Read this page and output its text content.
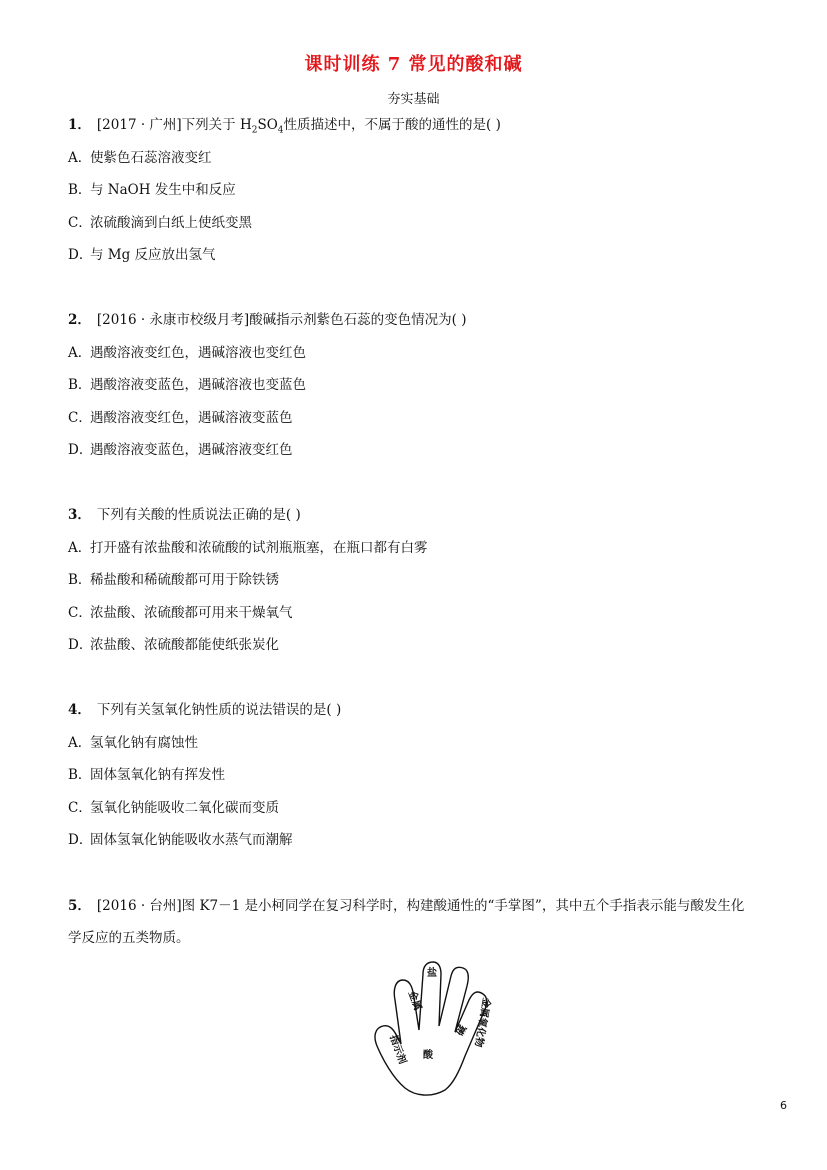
课时训练 7 常见的酸和碱
夯实基础
1． [2017 · 广州]下列关于 $H_2SO_4$性质描述中，不属于酸的通性的是( )
A．使紫色石蕊溶液变红
B．与 NaOH 发生中和反应
C．浓硫酸滴到白纸上使纸变黑
D．与 Mg 反应放出氢气
2． [2016 · 永康市校级月考]酸碱指示剂紫色石蕊的变色情况为( )
A．遇酸溶液变红色，遇碱溶液也变红色
B．遇酸溶液变蓝色，遇碱溶液也变蓝色
C．遇酸溶液变红色，遇碱溶液变蓝色
D．遇酸溶液变蓝色，遇碱溶液变红色
3． 下列有关酸的性质说法正确的是( )
A．打开盛有浓盐酸和浓硫酸的试剂瓶瓶塞，在瓶口都有白雾
B．稀盐酸和稀硫酸都可用于除铁锈
C．浓盐酸、浓硫酸都可用来干燥氧气
D．浓盐酸、浓硫酸都能使纸张炭化
4． 下列有关氢氧化钠性质的说法错误的是( )
A．氢氧化钠有腐蚀性
B．固体氢氧化钠有挥发性
C．氢氧化钠能吸收二氧化碳而变质
D．固体氢氧化钠能吸收水蒸气而潮解
5． [2016 · 台州]图 K7－1 是小柯同学在复习科学时，构建酸通性的“手掌图”，其中五个手指表示能与酸发生化
学反应的五类物质。
酸
指示剂
金属
盐
金属氧化物
碱
6
